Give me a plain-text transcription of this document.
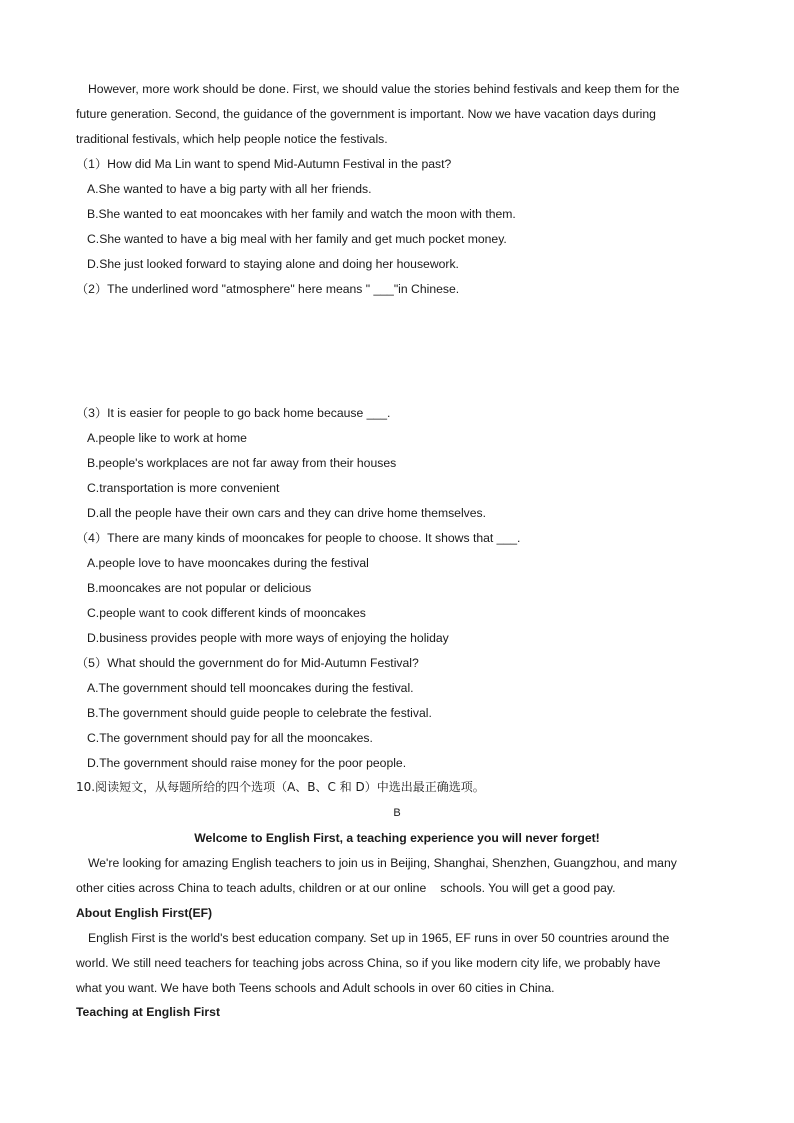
However, more work should be done. First, we should value the stories behind festivals and keep them for the
future generation. Second, the guidance of the government is important. Now we have vacation days during
traditional festivals, which help people notice the festivals.
（1）How did Ma Lin want to spend Mid-Autumn Festival in the past?
A.She wanted to have a big party with all her friends.
B.She wanted to eat mooncakes with her family and watch the moon with them.
C.She wanted to have a big meal with her family and get much pocket money.
D.She just looked forward to staying alone and doing her housework.
（2）The underlined word "atmosphere" here means " ___"in Chinese.
（3）It is easier for people to go back home because ___.
A.people like to work at home
B.people's workplaces are not far away from their houses
C.transportation is more convenient
D.all the people have their own cars and they can drive home themselves.
（4）There are many kinds of mooncakes for people to choose. It shows that ___.
A.people love to have mooncakes during the festival
B.mooncakes are not popular or delicious
C.people want to cook different kinds of mooncakes
D.business provides people with more ways of enjoying the holiday
（5）What should the government do for Mid-Autumn Festival?
A.The government should tell mooncakes during the festival.
B.The government should guide people to celebrate the festival.
C.The government should pay for all the mooncakes.
D.The government should raise money for the poor people.
10.阅读短文，从每题所给的四个选项（A、B、C 和 D）中选出最正确选项。
B
Welcome to English First, a teaching experience you will never forget!
We're looking for amazing English teachers to join us in Beijing, Shanghai, Shenzhen, Guangzhou, and many
other cities across China to teach adults, children or at our online schools. You will get a good pay.
About English First(EF)
English First is the world's best education company. Set up in 1965, EF runs in over 50 countries around the
world. We still need teachers for teaching jobs across China, so if you like modern city life, we probably have
what you want. We have both Teens schools and Adult schools in over 60 cities in China.
Teaching at English First
